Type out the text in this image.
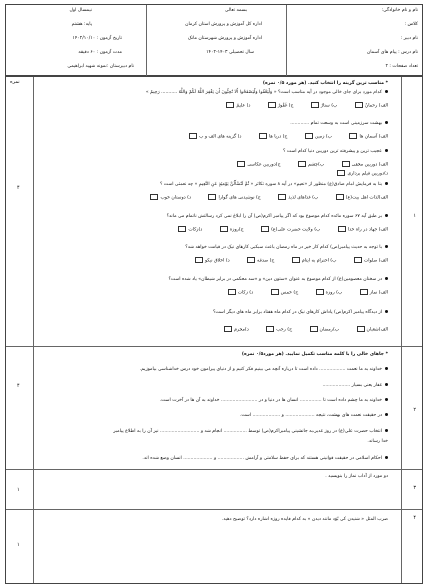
نام و نام خانوادگی:
کلاس :
نام دبیر :
نام درس : پیام های آسمان
تعداد صفحات : ۲
بسمه تعالی
اداره کل آموزش و پرورش استان کرمان
اداره آموزش و پرورش شهرستان مانک
سال تحصیلی ۱۴۰۳-۱۴۰۲
نیمسال اول
پایه: هشتم
تاریخ آزمون : ۱۴۰۲/۱۰/۱۰
مدت آزمون : ۶۰ دقیقه
نام دبیرستان :نمونه شهید ابراهیمی
نمره
۱
۴
* مناسب ترین گزینه را انتخاب کنید. (هر مورد ۰/۵ نمره)
کدام مورد برای جای خالی موجود در آیه مناسب است؟ « وَلْیَعْفُوا وَلْیَصْفَحُوا أَلَا تُحِبُّونَ أَن یَغْفِرَ اللَّهُ لَکُمْ وَاللَّهُ ........... رَحِیمٌ »
الف) رحمانٌ ب) ستارٌ ج) غَفُورٌ د) علیمٌ
بهشت سرزمینی است به وسعت تمام .............
الف) آسمان ها ب) زمین ج) دریا ها د) گزینه های الف و ب
عجیب ترین و پیشرفته ترین دوربین دنیا کدام است ؟
الف) دوربین مخفی ب)چشم ج)دوربین عکاسی
د)دوربین فیلم برداری
بنا به فرمایش امام صادق(ع) منظور از «نعیم» در آیه ۸ سوره تکاثر « ثُمَّ لَتُسْأَلُنَّ یَوْمَئِذٍ عَنِ النَّعِیمِ » چه نعمتی است ؟
الف)لذات اهل بیت(ع) ب) غذاهای لذیذ ج) نوشیدنی های گوارا د) دوستان خوب
بر طبق آیه ۶۷ سوره مائده کدام موضوع بود که اگر پیامبر اکرم(ص) آن را ابلاغ نمی کرد رسالتش ناتمام می ماند؟
الف) جهاد در راه خدا ب) ولایت حضرت علی(ع) ج)روزه د)زکات
با توجه به حدیث پیامبر(ص) کدام کار خیر در ماه رمضان باعث سبکبی کارهای نیک در قیامت خواهد شد؟
الف) صلوات ب) احترام به ایتام ج) صدقه د) اخلاق نیکو
در سخنان معصومین(ع) از کدام موضوع به عنوان «ستون دین» و «سد محکمی در برابر شیطان» یاد شده است؟
الف) نماز ب) روزه ج) خمس د) زکات
از دیدگاه پیامبر اکرم(ص) پاداش کارهای نیک در کدام ماه هفتاد برابر ماه های دیگر است؟
الف)شعبان ب)رمضان ج) رجب د)محرم
۲
۴
* جاهای خالی را با کلمه مناسب تکمیل نمایید. (هر مورد۰/۵ نمره)
خداوند به ما نعمت .................. داده است تا درباره آنچه می بینیم فکر کنیم و از دنیای پیرامون خود درس خداشناسی بیاموزیم.
غفار یعنی بسیار ...................
خداوند به ما چشم داده است تا ............... انسان ها در دنیا و در ......................... خداوند به آن ها در آخرت است.
در حقیقت نعمت های بهشت، نتیجه .................... و ................... است.
انتخاب حضرت علی(ع) در روز غدیر،به جانشینی پیامبراکرم(ص) توسط ................ انجام شد و ........................... نیز آن را به اطلاع پیامبر
خدا رساند.
احکام اسلامی در حقیقت قوانینی هستند که برای حفظ سلامتی و آرامش .................. و .................... انسان وضع شده اند.
۳
۱
دو مورد از آداب نماز را بنویسید .
۴
۱
ضرب المثل « شنیدن کی بُوَد مانند دیدن » به کدام فایده روزه اشاره دارد؟ توضیح دهید.
